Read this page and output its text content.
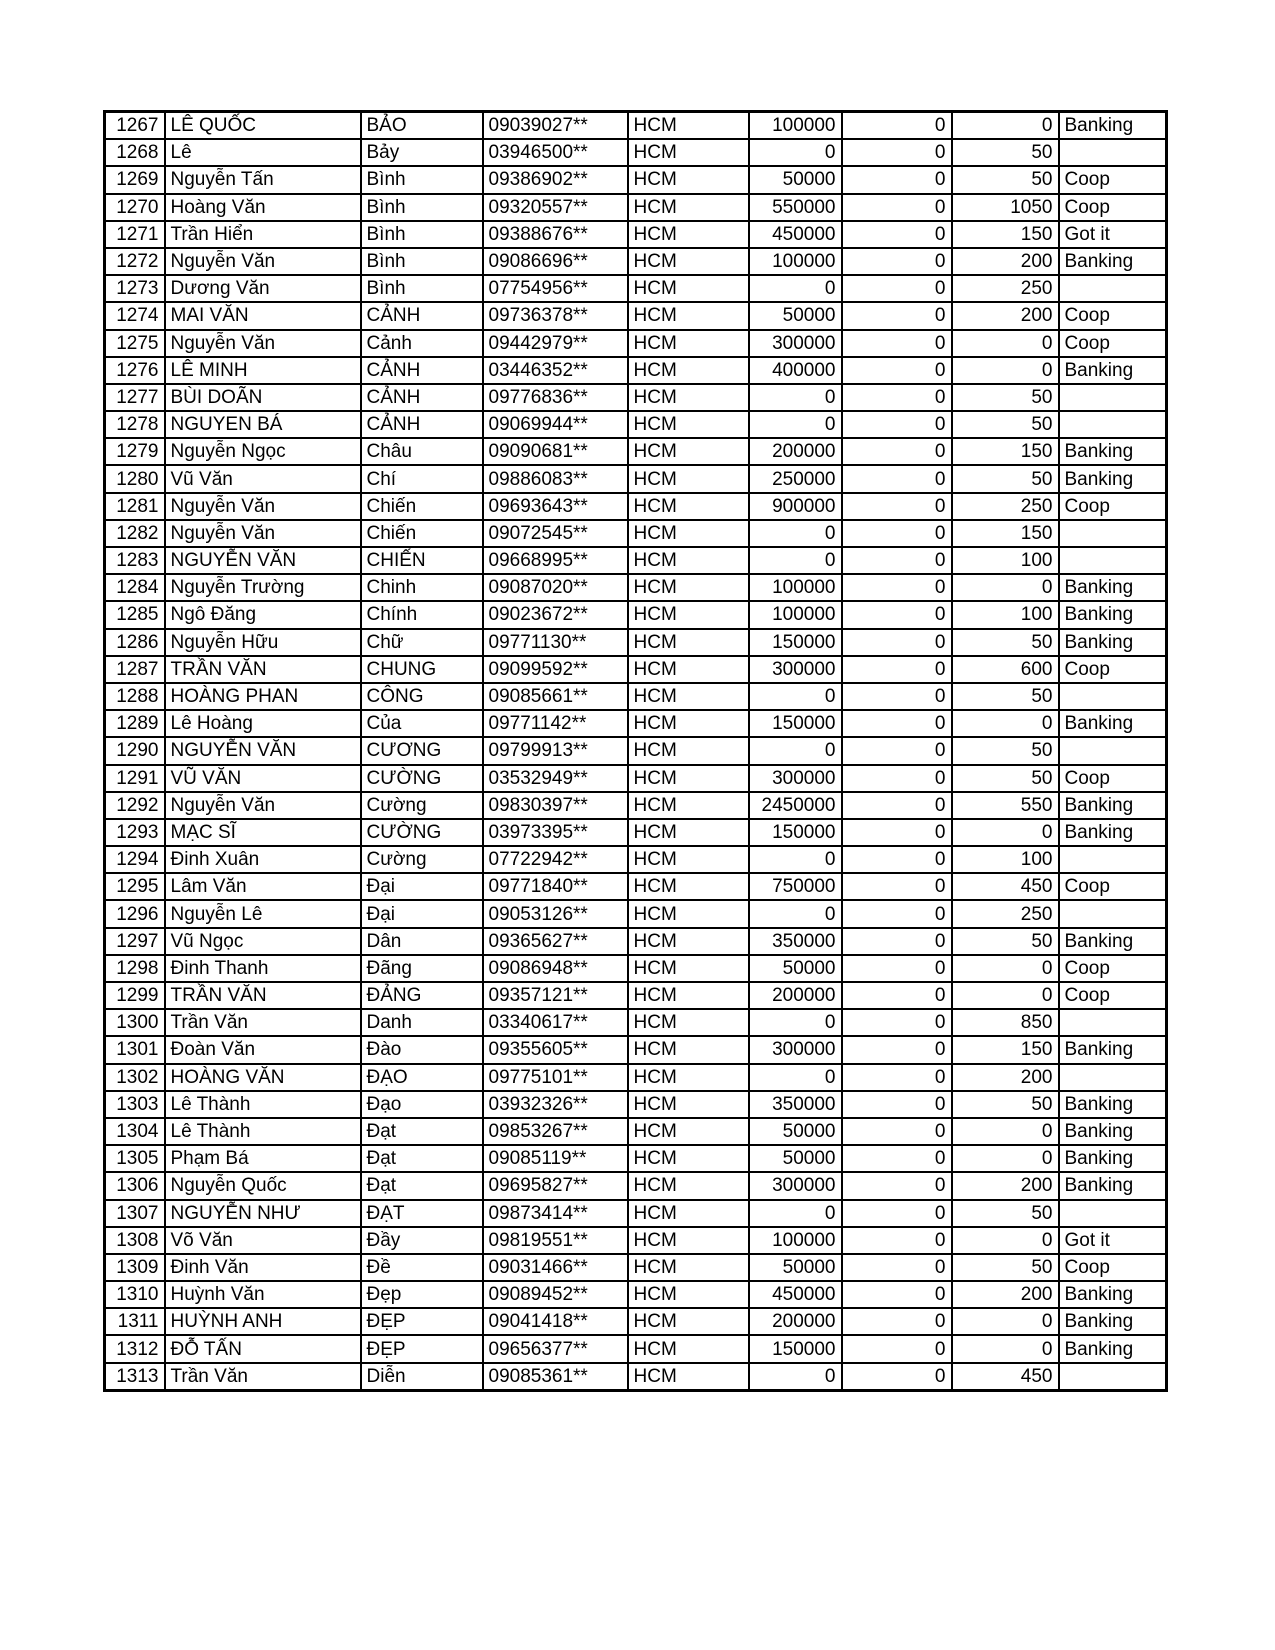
1267	LÊ QUỐC	BẢO	09039027**	HCM	100000	0	0	Banking
1268	Lê	Bảy	03946500**	HCM	0	0	50	
1269	Nguyễn Tấn	Bình	09386902**	HCM	50000	0	50	Coop
1270	Hoàng Văn	Bình	09320557**	HCM	550000	0	1050	Coop
1271	Trần Hiển	Bình	09388676**	HCM	450000	0	150	Got it
1272	Nguyễn Văn	Bình	09086696**	HCM	100000	0	200	Banking
1273	Dương Văn	Bình	07754956**	HCM	0	0	250	
1274	MAI VĂN	CẢNH	09736378**	HCM	50000	0	200	Coop
1275	Nguyễn Văn	Cảnh	09442979**	HCM	300000	0	0	Coop
1276	LÊ MINH	CẢNH	03446352**	HCM	400000	0	0	Banking
1277	BÙI DOÃN	CẢNH	09776836**	HCM	0	0	50	
1278	NGUYEN BÁ	CẢNH	09069944**	HCM	0	0	50	
1279	Nguyễn Ngọc	Châu	09090681**	HCM	200000	0	150	Banking
1280	Vũ Văn	Chí	09886083**	HCM	250000	0	50	Banking
1281	Nguyễn Văn	Chiến	09693643**	HCM	900000	0	250	Coop
1282	Nguyễn Văn	Chiến	09072545**	HCM	0	0	150	
1283	NGUYỄN VĂN	CHIẾN	09668995**	HCM	0	0	100	
1284	Nguyễn Trường	Chinh	09087020**	HCM	100000	0	0	Banking
1285	Ngô Đăng	Chính	09023672**	HCM	100000	0	100	Banking
1286	Nguyễn Hữu	Chữ	09771130**	HCM	150000	0	50	Banking
1287	TRẦN VĂN	CHUNG	09099592**	HCM	300000	0	600	Coop
1288	HOÀNG PHAN	CÔNG	09085661**	HCM	0	0	50	
1289	Lê Hoàng	Của	09771142**	HCM	150000	0	0	Banking
1290	NGUYỄN VĂN	CƯƠNG	09799913**	HCM	0	0	50	
1291	VŨ VĂN	CƯỜNG	03532949**	HCM	300000	0	50	Coop
1292	Nguyễn Văn	Cường	09830397**	HCM	2450000	0	550	Banking
1293	MẠC SĨ	CƯỜNG	03973395**	HCM	150000	0	0	Banking
1294	Đinh Xuân	Cường	07722942**	HCM	0	0	100	
1295	Lâm Văn	Đại	09771840**	HCM	750000	0	450	Coop
1296	Nguyễn Lê	Đại	09053126**	HCM	0	0	250	
1297	Vũ Ngọc	Dân	09365627**	HCM	350000	0	50	Banking
1298	Đinh Thanh	Đãng	09086948**	HCM	50000	0	0	Coop
1299	TRẦN VĂN	ĐẢNG	09357121**	HCM	200000	0	0	Coop
1300	Trần Văn	Danh	03340617**	HCM	0	0	850	
1301	Đoàn Văn	Đào	09355605**	HCM	300000	0	150	Banking
1302	HOÀNG VĂN	ĐẠO	09775101**	HCM	0	0	200	
1303	Lê Thành	Đạo	03932326**	HCM	350000	0	50	Banking
1304	Lê Thành	Đạt	09853267**	HCM	50000	0	0	Banking
1305	Phạm Bá	Đạt	09085119**	HCM	50000	0	0	Banking
1306	Nguyễn Quốc	Đạt	09695827**	HCM	300000	0	200	Banking
1307	NGUYỄN NHƯ	ĐẠT	09873414**	HCM	0	0	50	
1308	Võ Văn	Đầy	09819551**	HCM	100000	0	0	Got it
1309	Đinh Văn	Đề	09031466**	HCM	50000	0	50	Coop
1310	Huỳnh Văn	Đẹp	09089452**	HCM	450000	0	200	Banking
1311	HUỲNH ANH	ĐẸP	09041418**	HCM	200000	0	0	Banking
1312	ĐỖ TẤN	ĐẸP	09656377**	HCM	150000	0	0	Banking
1313	Trần Văn	Diễn	09085361**	HCM	0	0	450	
